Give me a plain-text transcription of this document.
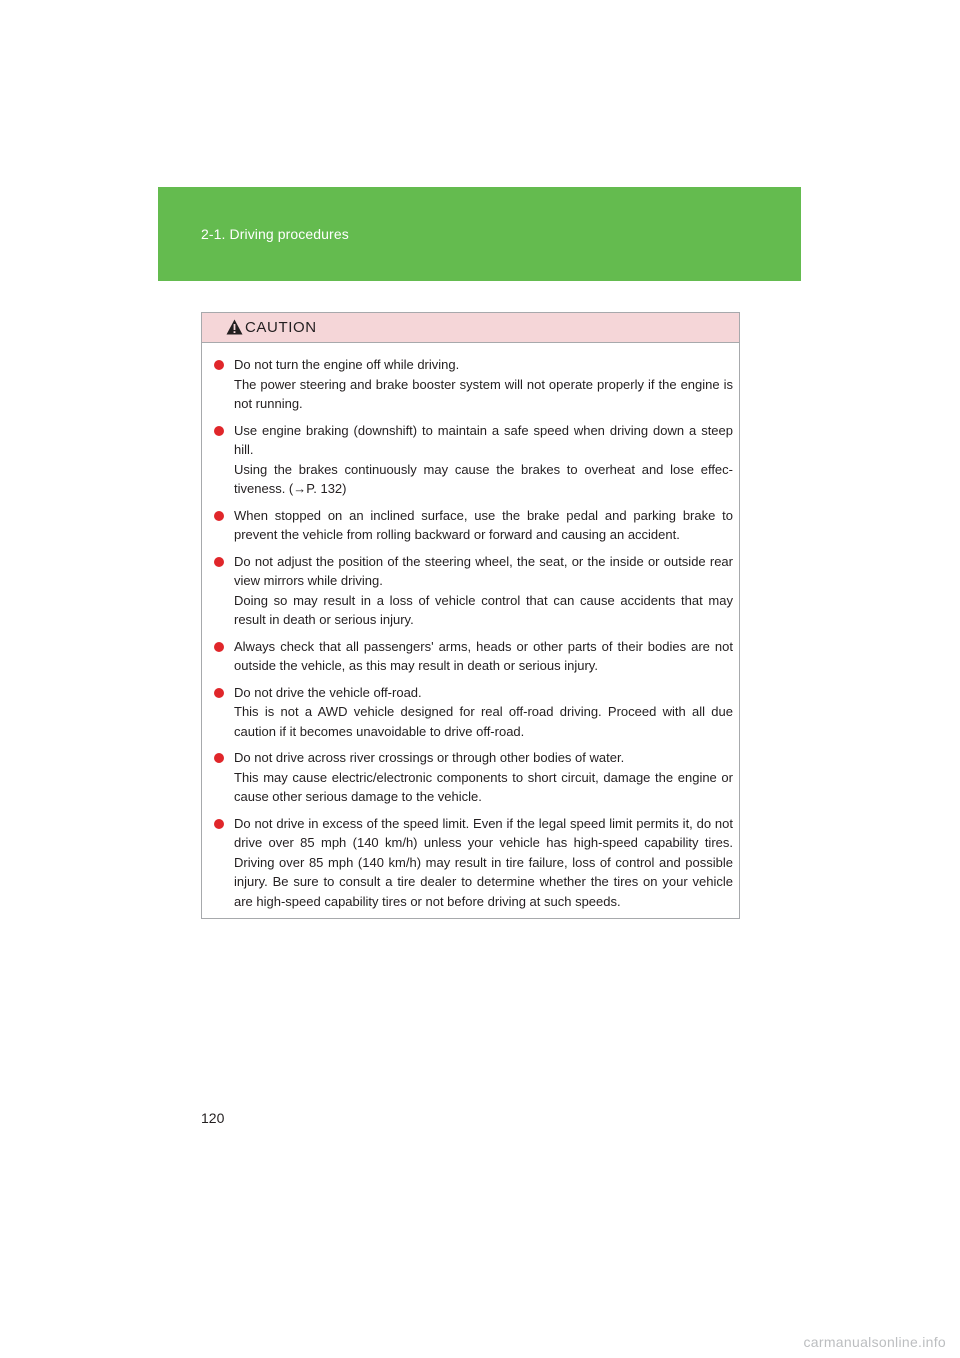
2-1. Driving procedures
CAUTION
Do not turn the engine off while driving.
The power steering and brake booster system will not operate properly if the engine is not running.
Use engine braking (downshift) to maintain a safe speed when driving down a steep hill.
Using the brakes continuously may cause the brakes to overheat and lose effec-tiveness. (→P. 132)
When stopped on an inclined surface, use the brake pedal and parking brake to prevent the vehicle from rolling backward or forward and causing an accident.
Do not adjust the position of the steering wheel, the seat, or the inside or outside rear view mirrors while driving.
Doing so may result in a loss of vehicle control that can cause accidents that may result in death or serious injury.
Always check that all passengers' arms, heads or other parts of their bodies are not outside the vehicle, as this may result in death or serious injury.
Do not drive the vehicle off-road.
This is not a AWD vehicle designed for real off-road driving. Proceed with all due caution if it becomes unavoidable to drive off-road.
Do not drive across river crossings or through other bodies of water.
This may cause electric/electronic components to short circuit, damage the engine or cause other serious damage to the vehicle.
Do not drive in excess of the speed limit. Even if the legal speed limit permits it, do not drive over 85 mph (140 km/h) unless your vehicle has high-speed capability tires. Driving over 85 mph (140 km/h) may result in tire failure, loss of control and possible injury. Be sure to consult a tire dealer to determine whether the tires on your vehicle are high-speed capability tires or not before driving at such speeds.
120
carmanualsonline.info
